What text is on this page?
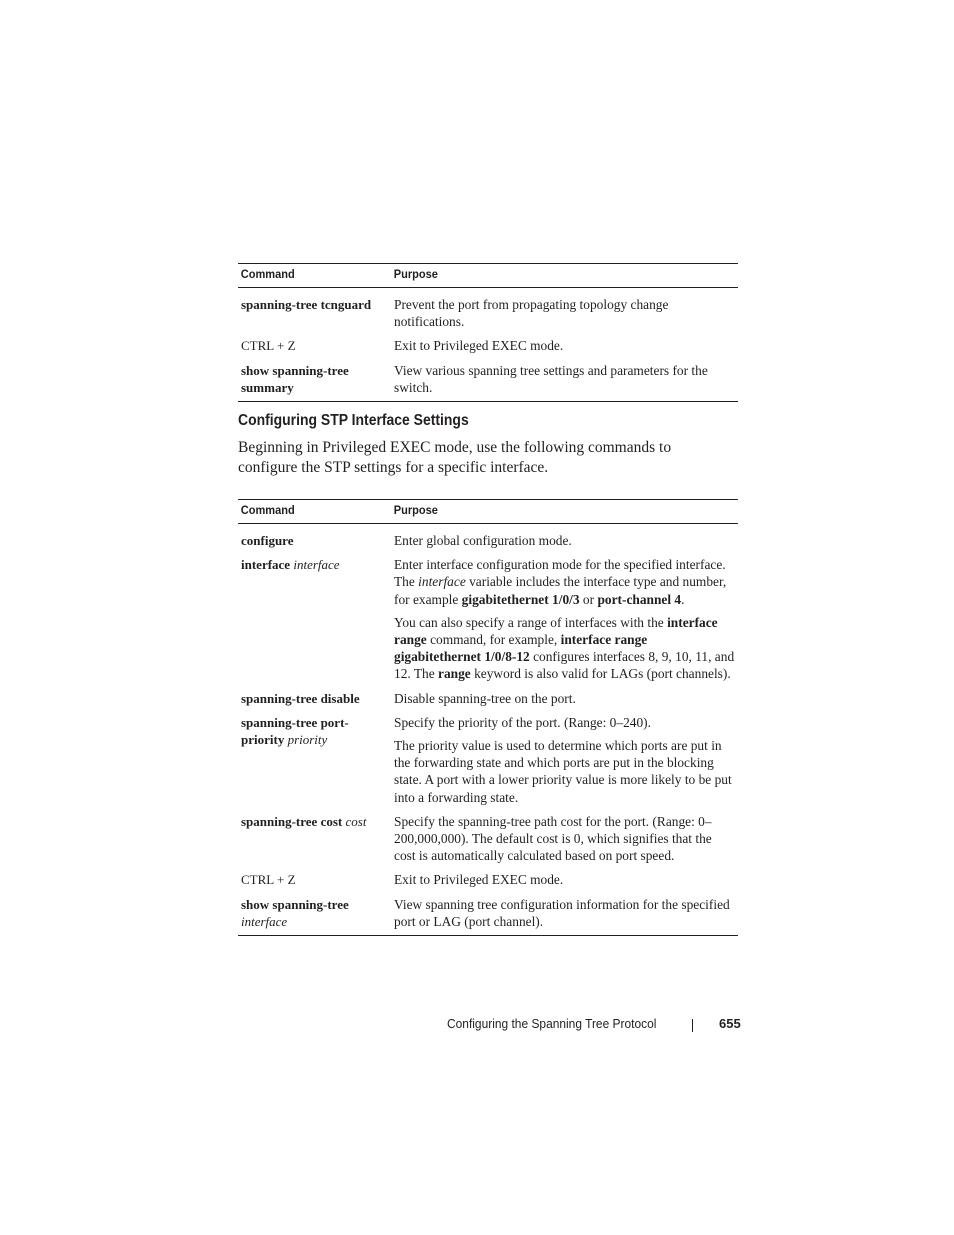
Command	Purpose
spanning-tree tcnguard	Prevent the port from propagating topology change notifications.
CTRL + Z	Exit to Privileged EXEC mode.
show spanning-tree summary	View various spanning tree settings and parameters for the switch.
Configuring STP Interface Settings
Beginning in Privileged EXEC mode, use the following commands to configure the STP settings for a specific interface.
Command	Purpose
configure	Enter global configuration mode.
interface interface	Enter interface configuration mode for the specified interface. The interface variable includes the interface type and number, for example gigabitethernet 1/0/3 or port-channel 4.

You can also specify a range of interfaces with the interface range command, for example, interface range gigabitethernet 1/0/8-12 configures interfaces 8, 9, 10, 11, and 12. The range keyword is also valid for LAGs (port channels).

spanning-tree disable	Disable spanning-tree on the port.
spanning-tree port-priority priority	Specify the priority of the port. (Range: 0–240).

The priority value is used to determine which ports are put in the forwarding state and which ports are put in the blocking state. A port with a lower priority value is more likely to be put into a forwarding state.

spanning-tree cost cost	Specify the spanning-tree path cost for the port. (Range: 0–200,000,000). The default cost is 0, which signifies that the cost is automatically calculated based on port speed.
CTRL + Z	Exit to Privileged EXEC mode.
show spanning-tree interface	View spanning tree configuration information for the specified port or LAG (port channel).
Configuring the Spanning Tree Protocol	655
